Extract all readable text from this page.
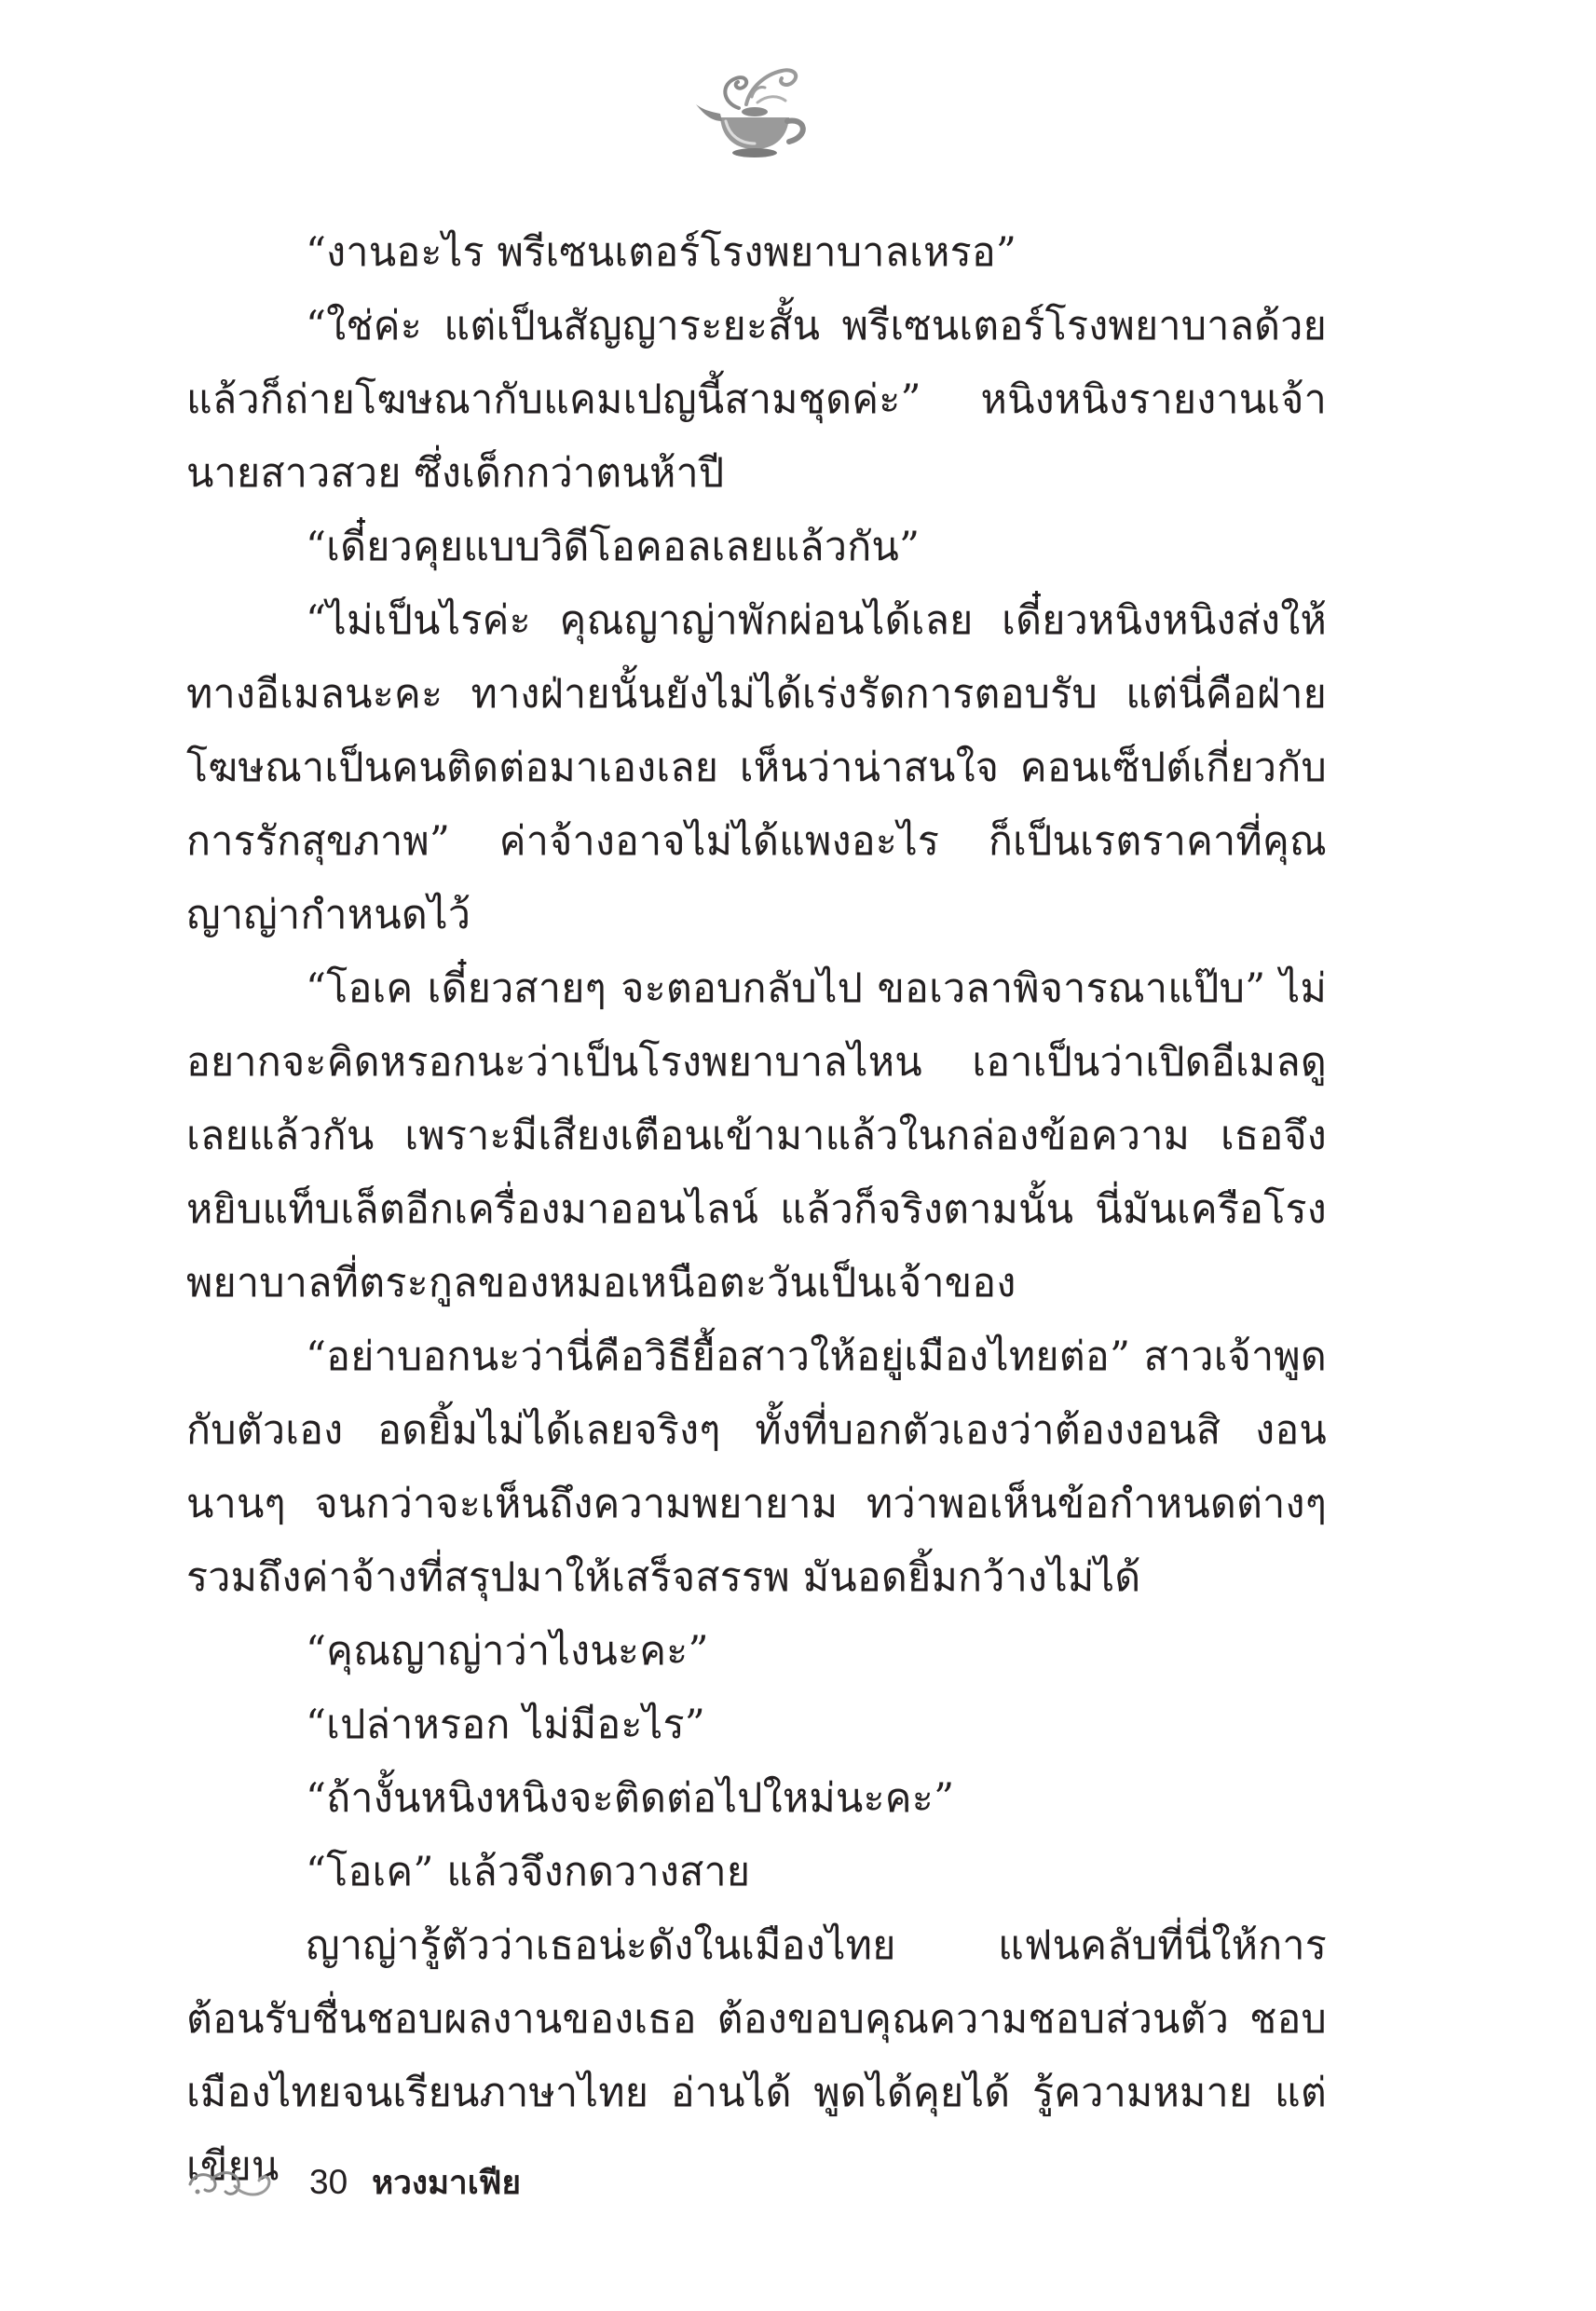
“งานอะไร พรีเซนเตอร์โรงพยาบาลเหรอ”

“ใช่ค่ะ แต่เป็นสัญญาระยะสั้น พรีเซนเตอร์โรงพยาบาลด้วย แล้วก็ถ่ายโฆษณากับแคมเปญนี้สามชุดค่ะ” หนิงหนิงรายงานเจ้านายสาวสวย ซึ่งเด็กกว่าตนห้าปี

“เดี๋ยวคุยแบบวิดีโอคอลเลยแล้วกัน”

“ไม่เป็นไรค่ะ คุณญาญ่าพักผ่อนได้เลย เดี๋ยวหนิงหนิงส่งให้ทางอีเมลนะคะ ทางฝ่ายนั้นยังไม่ได้เร่งรัดการตอบรับ แต่นี่คือฝ่ายโฆษณาเป็นคนติดต่อมาเองเลย เห็นว่าน่าสนใจ คอนเซ็ปต์เกี่ยวกับการรักสุขภาพ” ค่าจ้างอาจไม่ได้แพงอะไร ก็เป็นเรตราคาที่คุณญาญ่ากำหนดไว้

“โอเค เดี๋ยวสายๆ จะตอบกลับไป ขอเวลาพิจารณาแป๊บ” ไม่อยากจะคิดหรอกนะว่าเป็นโรงพยาบาลไหน เอาเป็นว่าเปิดอีเมลดูเลยแล้วกัน เพราะมีเสียงเตือนเข้ามาแล้วในกล่องข้อความ เธอจึงหยิบแท็บเล็ตอีกเครื่องมาออนไลน์ แล้วก็จริงตามนั้น นี่มันเครือโรงพยาบาลที่ตระกูลของหมอเหนือตะวันเป็นเจ้าของ

“อย่าบอกนะว่านี่คือวิธียื้อสาวให้อยู่เมืองไทยต่อ” สาวเจ้าพูดกับตัวเอง อดยิ้มไม่ได้เลยจริงๆ ทั้งที่บอกตัวเองว่าต้องงอนสิ งอนนานๆ จนกว่าจะเห็นถึงความพยายาม ทว่าพอเห็นข้อกำหนดต่างๆ รวมถึงค่าจ้างที่สรุปมาให้เสร็จสรรพ มันอดยิ้มกว้างไม่ได้

“คุณญาญ่าว่าไงนะคะ”

“เปล่าหรอก ไม่มีอะไร”

“ถ้างั้นหนิงหนิงจะติดต่อไปใหม่นะคะ”

“โอเค” แล้วจึงกดวางสาย

ญาญ่ารู้ตัวว่าเธอน่ะดังในเมืองไทย แฟนคลับที่นี่ให้การต้อนรับชื่นชอบผลงานของเธอ ต้องขอบคุณความชอบส่วนตัว ชอบเมืองไทยจนเรียนภาษาไทย อ่านได้ พูดได้คุยได้ รู้ความหมาย แต่เขียน 30 หวงมาเฟีย
